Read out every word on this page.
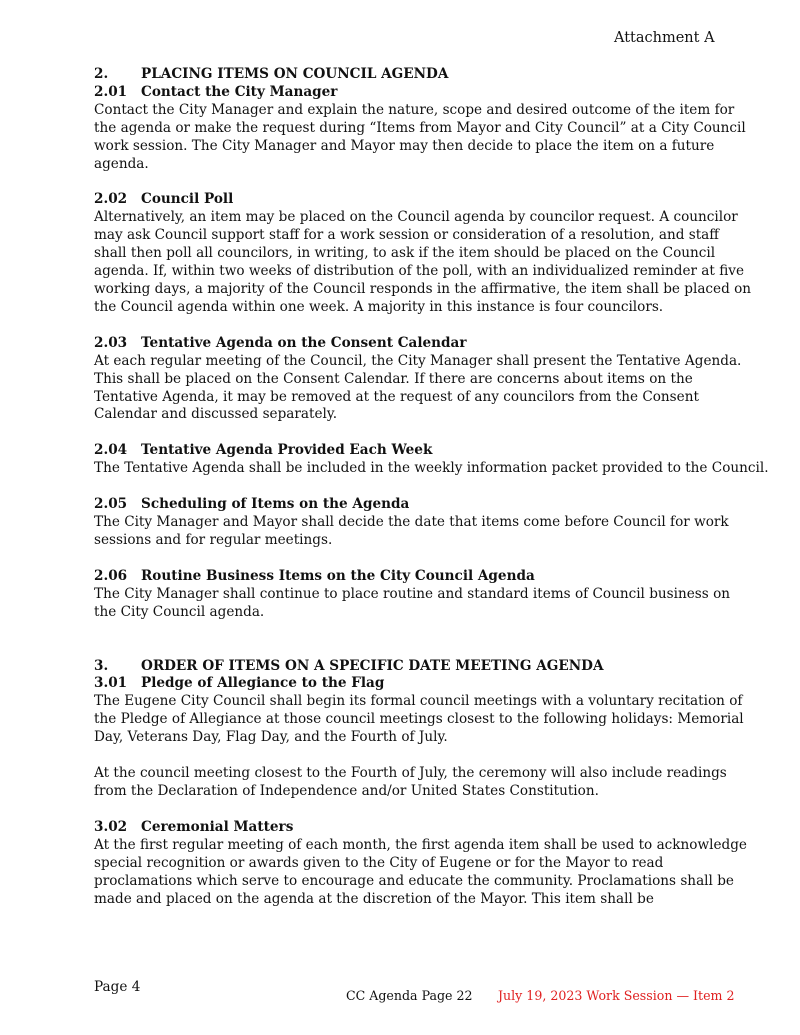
Attachment A
2.	PLACING ITEMS ON COUNCIL AGENDA
2.01	Contact the City Manager

Contact the City Manager and explain the nature, scope and desired outcome of the item for the agenda or make the request during “Items from Mayor and City Council” at a City Council work session. The City Manager and Mayor may then decide to place the item on a future agenda.

2.02	Council Poll

Alternatively, an item may be placed on the Council agenda by councilor request. A councilor may ask Council support staff for a work session or consideration of a resolution, and staff shall then poll all councilors, in writing, to ask if the item should be placed on the Council agenda. If, within two weeks of distribution of the poll, with an individualized reminder at five working days, a majority of the Council responds in the affirmative, the item shall be placed on the Council agenda within one week. A majority in this instance is four councilors.

2.03	Tentative Agenda on the Consent Calendar

At each regular meeting of the Council, the City Manager shall present the Tentative Agenda. This shall be placed on the Consent Calendar. If there are concerns about items on the Tentative Agenda, it may be removed at the request of any councilors from the Consent Calendar and discussed separately.

2.04	Tentative Agenda Provided Each Week

The Tentative Agenda shall be included in the weekly information packet provided to the Council.

2.05	Scheduling of Items on the Agenda

The City Manager and Mayor shall decide the date that items come before Council for work sessions and for regular meetings.

2.06	Routine Business Items on the City Council Agenda

The City Manager shall continue to place routine and standard items of Council business on the City Council agenda.

3.	ORDER OF ITEMS ON A SPECIFIC DATE MEETING AGENDA
3.01	Pledge of Allegiance to the Flag

The Eugene City Council shall begin its formal council meetings with a voluntary recitation of the Pledge of Allegiance at those council meetings closest to the following holidays: Memorial Day, Veterans Day, Flag Day, and the Fourth of July.

At the council meeting closest to the Fourth of July, the ceremony will also include readings from the Declaration of Independence and/or United States Constitution.

3.02	Ceremonial Matters

At the first regular meeting of each month, the first agenda item shall be used to acknowledge special recognition or awards given to the City of Eugene or for the Mayor to read proclamations which serve to encourage and educate the community. Proclamations shall be made and placed on the agenda at the discretion of the Mayor. This item shall be

Page 4
CC Agenda Page 22 July 19, 2023 Work Session — Item 2
